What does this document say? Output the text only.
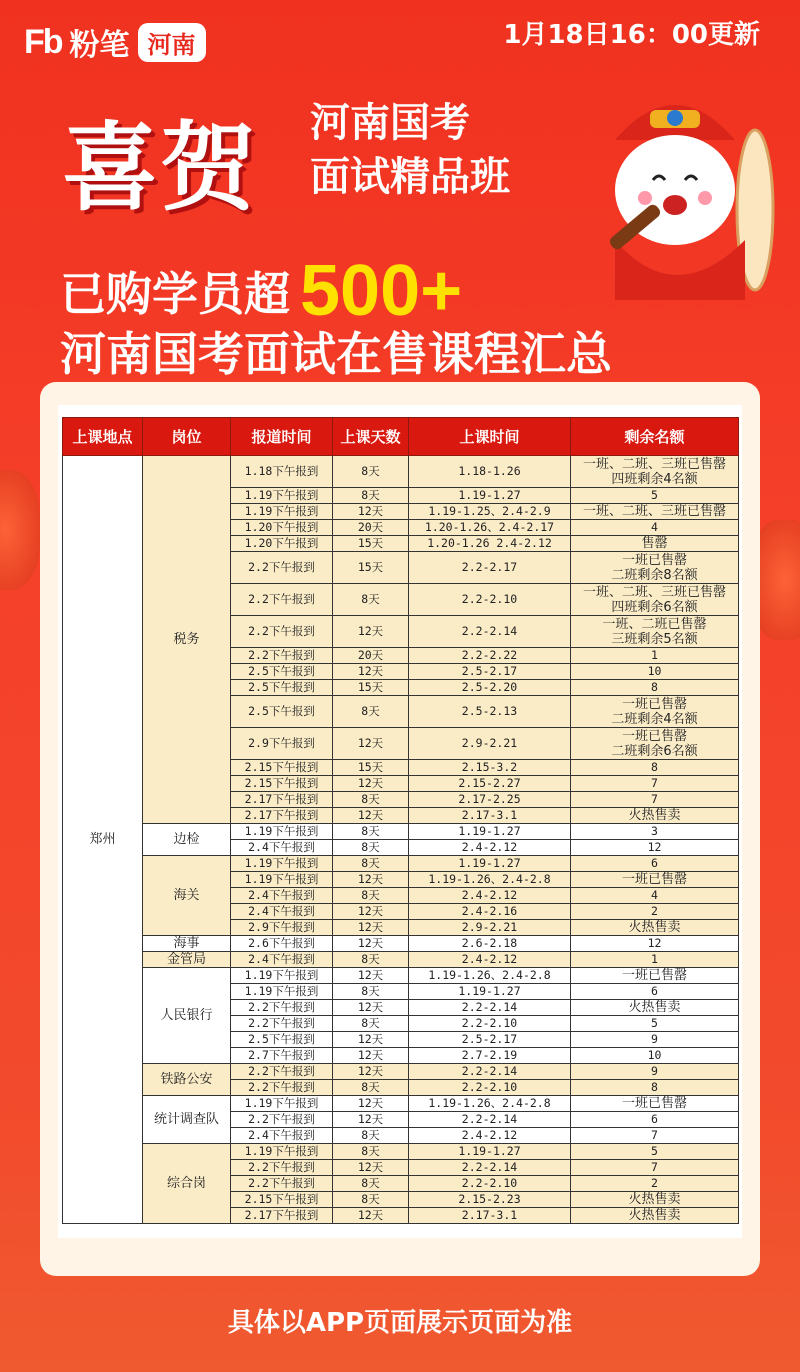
Fb 粉笔 河南	1月18日16：00更新
喜贺 河南国考
面试精品班
已购学员超 500+
河南国考面试在售课程汇总
上课地点	岗位	报道时间	上课天数	上课时间	剩余名额
郑州	税务	1.18下午报到	8天	1.18-1.26	一班、二班、三班已售罄
四班剩余4名额

		1.19下午报到	8天	1.19-1.27	5
		1.19下午报到	12天	1.19-1.25、2.4-2.9	一班、二班、三班已售罄
		1.20下午报到	20天	1.20-1.26、2.4-2.17	4
		1.20下午报到	15天	1.20-1.26 2.4-2.12	售罄
		2.2下午报到	15天	2.2-2.17	一班已售罄
二班剩余8名额

		2.2下午报到	8天	2.2-2.10	一班、二班、三班已售罄
四班剩余6名额

		2.2下午报到	12天	2.2-2.14	一班、二班已售罄
三班剩余5名额

		2.2下午报到	20天	2.2-2.22	1
		2.5下午报到	12天	2.5-2.17	10
		2.5下午报到	15天	2.5-2.20	8
		2.5下午报到	8天	2.5-2.13	一班已售罄
二班剩余4名额

		2.9下午报到	12天	2.9-2.21	一班已售罄
二班剩余6名额

		2.15下午报到	15天	2.15-3.2	8
		2.15下午报到	12天	2.15-2.27	7
		2.17下午报到	8天	2.17-2.25	7
		2.17下午报到	12天	2.17-3.1	火热售卖
	边检	1.19下午报到	8天	1.19-1.27	3
		2.4下午报到	8天	2.4-2.12	12
	海关	1.19下午报到	8天	1.19-1.27	6
		1.19下午报到	12天	1.19-1.26、2.4-2.8	一班已售罄
		2.4下午报到	8天	2.4-2.12	4
		2.4下午报到	12天	2.4-2.16	2
		2.9下午报到	12天	2.9-2.21	火热售卖
	海事	2.6下午报到	12天	2.6-2.18	12
	金管局	2.4下午报到	8天	2.4-2.12	1
	人民银行	1.19下午报到	12天	1.19-1.26、2.4-2.8	一班已售罄
		1.19下午报到	8天	1.19-1.27	6
		2.2下午报到	12天	2.2-2.14	火热售卖
		2.2下午报到	8天	2.2-2.10	5
		2.5下午报到	12天	2.5-2.17	9
		2.7下午报到	12天	2.7-2.19	10
	铁路公安	2.2下午报到	12天	2.2-2.14	9
		2.2下午报到	8天	2.2-2.10	8
	统计调查队	1.19下午报到	12天	1.19-1.26、2.4-2.8	一班已售罄
		2.2下午报到	12天	2.2-2.14	6
		2.4下午报到	8天	2.4-2.12	7
	综合岗	1.19下午报到	8天	1.19-1.27	5
		2.2下午报到	12天	2.2-2.14	7
		2.2下午报到	8天	2.2-2.10	2
		2.15下午报到	8天	2.15-2.23	火热售卖
		2.17下午报到	12天	2.17-3.1	火热售卖
具体以APP页面展示页面为准
